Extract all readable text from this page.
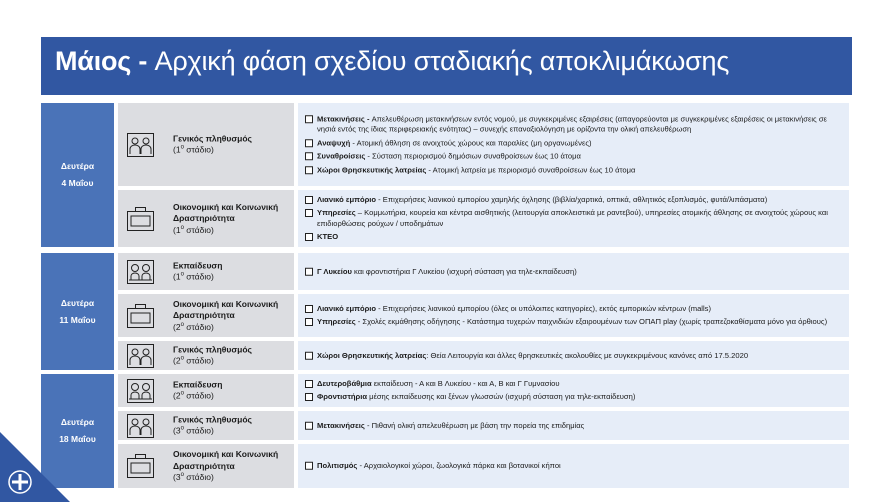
Μάιος - Αρχική φάση σχεδίου σταδιακής αποκλιμάκωσης
Δευτέρα
4 Μαΐου
Δευτέρα
11 Μαΐου
Δευτέρα
18 Μαΐου
Γενικός πληθυσμός
($1^o$ στάδιο)
Οικονομική και Κοινωνική Δραστηριότητα
($1^o$ στάδιο)
Εκπαίδευση
($1^o$ στάδιο)
Οικονομική και Κοινωνική Δραστηριότητα
($2^o$ στάδιο)
Γενικός πληθυσμός
($2^o$ στάδιο)
Εκπαίδευση
($2^o$ στάδιο)
Γενικός πληθυσμός
($3^o$ στάδιο)
Οικονομική και Κοινωνική Δραστηριότητα
($3^o$ στάδιο)
Μετακινήσεις - Απελευθέρωση μετακινήσεων εντός νομού, με συγκεκριμένες εξαιρέσεις (απαγορεύονται με συγκεκριμένες εξαιρέσεις οι μετακινήσεις σε νησιά εντός της ίδιας περιφερειακής ενότητας) – συνεχής επαναξιολόγηση με ορίζοντα την ολική απελευθέρωση
Αναψυχή - Ατομική άθληση σε ανοιχτούς χώρους και παραλίες (μη οργανωμένες)
Συναθροίσεις - Σύσταση περιορισμού δημόσιων συναθροίσεων έως 10 άτομα
Χώροι Θρησκευτικής λατρείας - Ατομική λατρεία με περιορισμό συναθροίσεων έως 10 άτομα
Λιανικό εμπόριο - Επιχειρήσεις λιανικού εμπορίου χαμηλής όχλησης (βιβλία/χαρτικά, οπτικά, αθλητικός εξοπλισμός, φυτά/λιπάσματα)
Υπηρεσίες – Κομμωτήρια, κουρεία και κέντρα αισθητικής (λειτουργία αποκλειστικά με ραντεβού), υπηρεσίες ατομικής άθλησης σε ανοιχτούς χώρους και επιδιορθώσεις ρούχων / υποδημάτων
ΚΤΕΟ
Γ Λυκείου και φροντιστήρια Γ Λυκείου (ισχυρή σύσταση για τηλε-εκπαίδευση)
Λιανικό εμπόριο - Επιχειρήσεις λιανικού εμπορίου (όλες οι υπόλοιπες κατηγορίες), εκτός εμπορικών κέντρων (malls)
Υπηρεσίες - Σχολές εκμάθησης οδήγησης - Κατάστημα τυχερών παιχνιδιών εξαιρουμένων των ΟΠΑΠ play (χωρίς τραπεζοκαθίσματα μόνο για όρθιους)
Χώροι Θρησκευτικής λατρείας: Θεία Λειτουργία και άλλες θρησκευτικές ακολουθίες με συγκεκριμένους κανόνες από 17.5.2020
Δευτεροβάθμια εκπαίδευση - Α και Β Λυκείου - και Α, Β και Γ Γυμνασίου
Φροντιστήρια μέσης εκπαίδευσης και ξένων γλωσσών (ισχυρή σύσταση για τηλε-εκπαίδευση)
Μετακινήσεις - Πιθανή ολική απελευθέρωση με βάση την πορεία της επιδημίας
Πολιτισμός - Αρχαιολογικοί χώροι, ζωολογικά πάρκα και βοτανικοί κήποι
